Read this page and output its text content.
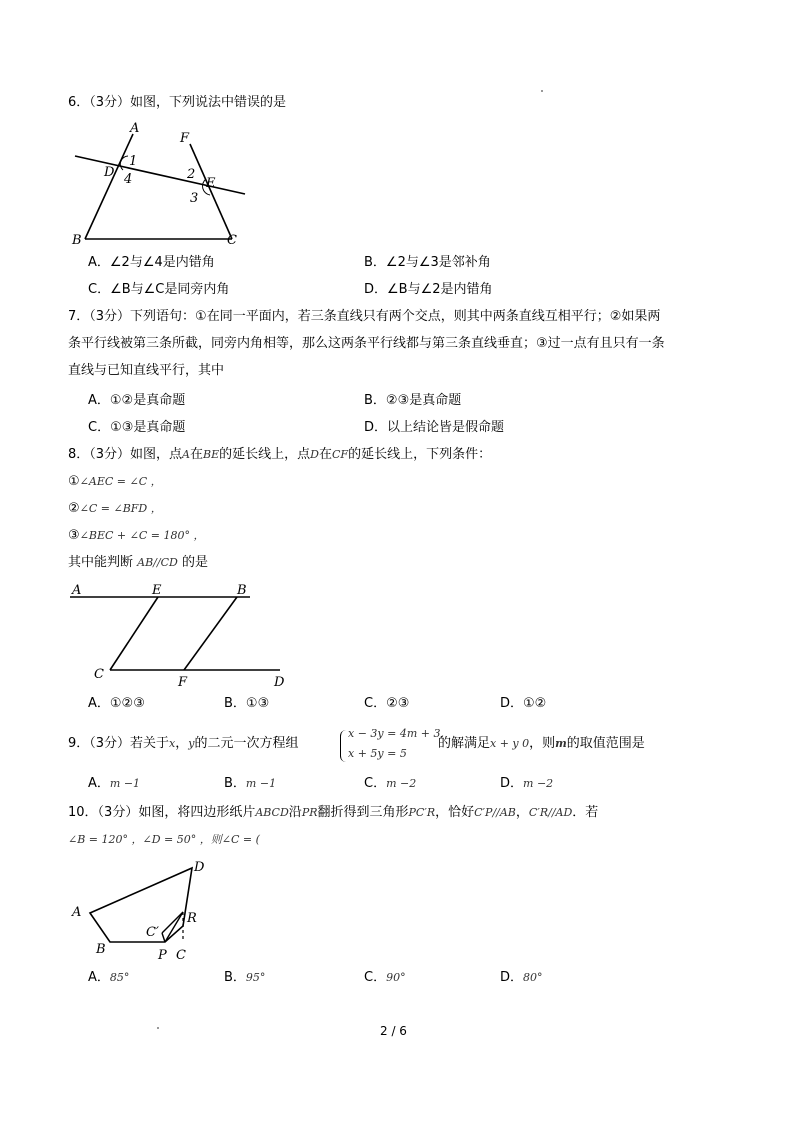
6．（3分）如图，下列说法中错误的是
A
F
D
1
4	2
E
3
B	C
A．∠2与∠4是内错角	B．∠2与∠3是邻补角
C．∠B与∠C是同旁内角	D．∠B与∠2是内错角
7．（3分）下列语句：①在同一平面内，若三条直线只有两个交点，则其中两条直线互相平行；②如果两
条平行线被第三条所截，同旁内角相等，那么这两条平行线都与第三条直线垂直；③过一点有且只有一条
直线与已知直线平行，其中
A．①②是真命题	B．②③是真命题
C．①③是真命题	D．以上结论皆是假命题
8．（3分）如图，点A在BE的延长线上，点D在CF的延长线上，下列条件：
①∠AEC = ∠C ，
②∠C = ∠BFD ，
③∠BEC + ∠C = 180° ，
其中能判断 AB//CD 的是
A	E	B
C
F	D
A．①②③	B．①③	C．②③	D．①②
9．（3分）若关于x，y的二元一次方程组
x − 3y = 4m + 3,
x + 5y = 5
的解满足x + y 0，则m的取值范围是
A．m −1	B．m −1	C．m −2	D．m −2
10．（3分）如图，将四边形纸片ABCD沿PR翻折得到三角形PC′R，恰好C′P//AB，C′R//AD．若
∠B = 120° ，∠D = 50° ，则∠C = (
D
A
C′
R
B	P C
A．85°	B．95°	C．90°	D．80°
2 / 6
